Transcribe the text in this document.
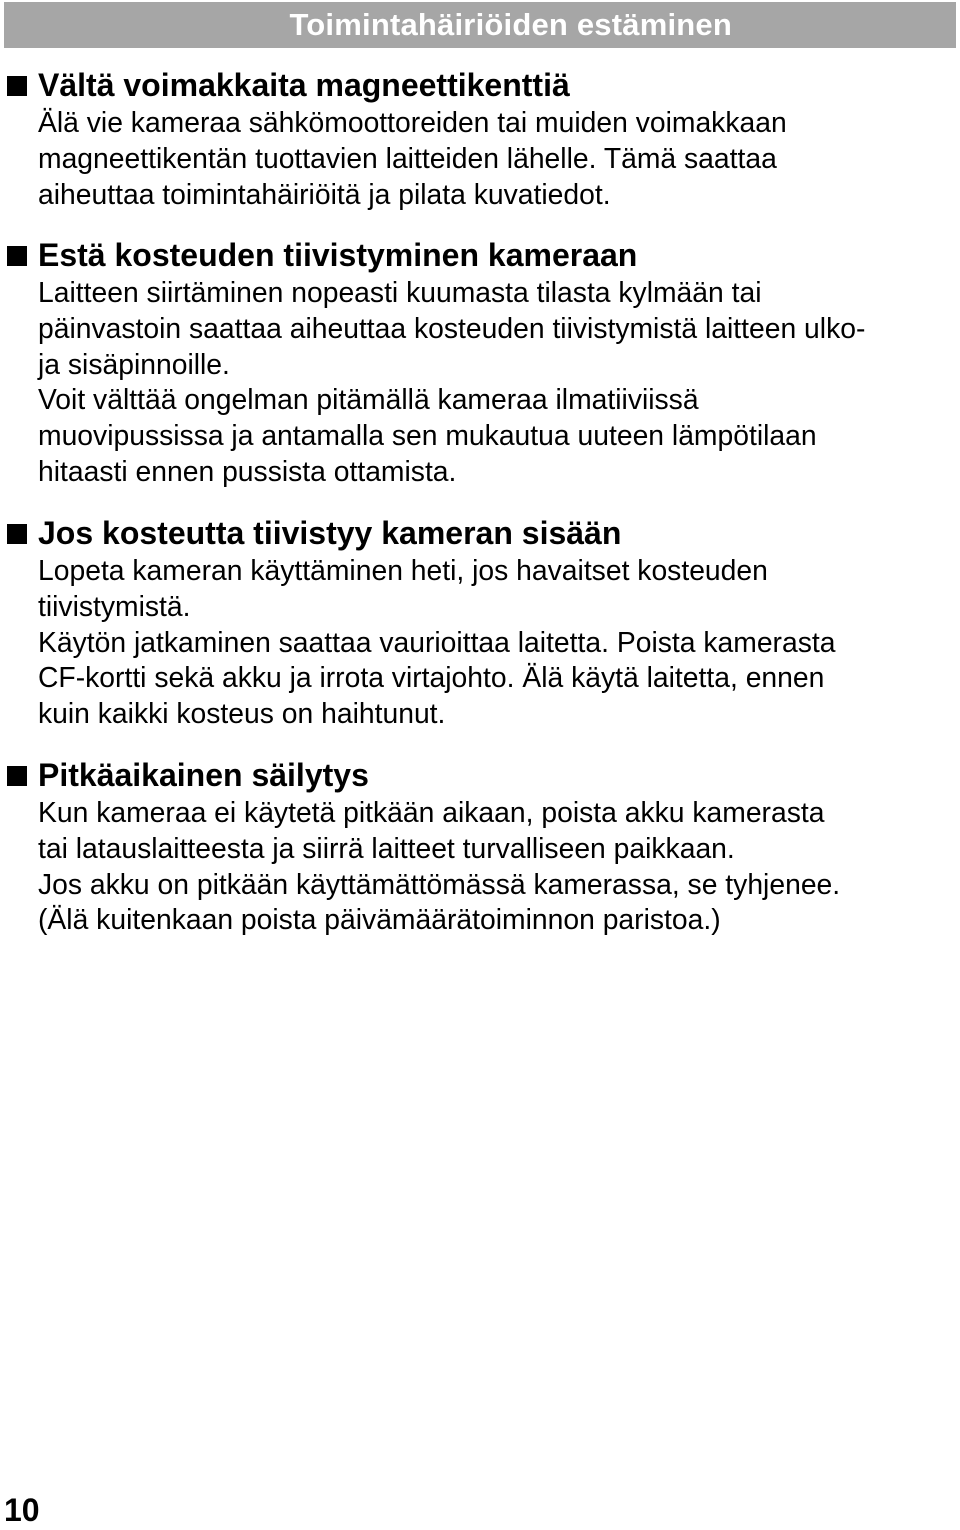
Toimintahäiriöiden estäminen
Vältä voimakkaita magneettikenttiä

Älä vie kameraa sähkömoottoreiden tai muiden voimakkaan
magneettikentän tuottavien laitteiden lähelle. Tämä saattaa
aiheuttaa toimintahäiriöitä ja pilata kuvatiedot.

Estä kosteuden tiivistyminen kameraan

Laitteen siirtäminen nopeasti kuumasta tilasta kylmään tai
päinvastoin saattaa aiheuttaa kosteuden tiivistymistä laitteen ulko-
ja sisäpinnoille.

Voit välttää ongelman pitämällä kameraa ilmatiiviissä
muovipussissa ja antamalla sen mukautua uuteen lämpötilaan
hitaasti ennen pussista ottamista.

Jos kosteutta tiivistyy kameran sisään

Lopeta kameran käyttäminen heti, jos havaitset kosteuden
tiivistymistä.

Käytön jatkaminen saattaa vaurioittaa laitetta. Poista kamerasta
CF-kortti sekä akku ja irrota virtajohto. Älä käytä laitetta, ennen
kuin kaikki kosteus on haihtunut.

Pitkäaikainen säilytys

Kun kameraa ei käytetä pitkään aikaan, poista akku kamerasta
tai latauslaitteesta ja siirrä laitteet turvalliseen paikkaan.

Jos akku on pitkään käyttämättömässä kamerassa, se tyhjenee.
(Älä kuitenkaan poista päivämäärätoiminnon paristoa.)

10
